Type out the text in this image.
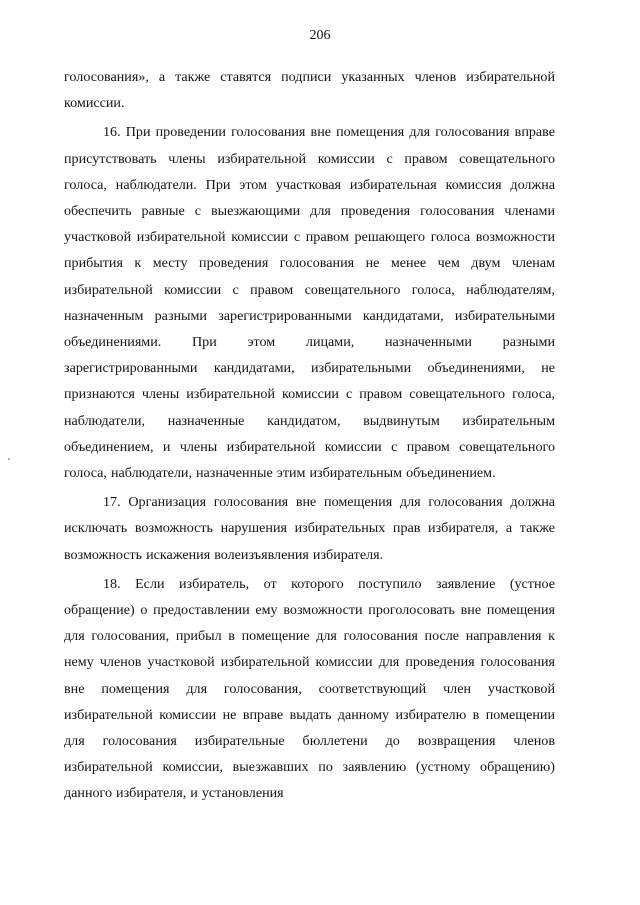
206

голосования», а также ставятся подписи указанных членов избирательной комиссии.

16. При проведении голосования вне помещения для голосования вправе присутствовать члены избирательной комиссии с правом совещательного голоса, наблюдатели. При этом участковая избирательная комиссия должна обеспечить равные с выезжающими для проведения голосования членами участковой избирательной комиссии с правом решающего голоса возможности прибытия к месту проведения голосования не менее чем двум членам избирательной комиссии с правом совещательного голоса, наблюдателям, назначенным разными зарегистрированными кандидатами, избирательными объединениями. При этом лицами, назначенными разными зарегистрированными кандидатами, избирательными объединениями, не признаются члены избирательной комиссии с правом совещательного голоса, наблюдатели, назначенные кандидатом, выдвинутым избирательным объединением, и члены избирательной комиссии с правом совещательного голоса, наблюдатели, назначенные этим избирательным объединением.

17. Организация голосования вне помещения для голосования должна исключать возможность нарушения избирательных прав избирателя, а также возможность искажения волеизъявления избирателя.

18. Если избиратель, от которого поступило заявление (устное обращение) о предоставлении ему возможности проголосовать вне помещения для голосования, прибыл в помещение для голосования после направления к нему членов участковой избирательной комиссии для проведения голосования вне помещения для голосования, соответствующий член участковой избирательной комиссии не вправе выдать данному избирателю в помещении для голосования избирательные бюллетени до возвращения членов избирательной комиссии, выезжавших по заявлению (устному обращению) данного избирателя, и установления
